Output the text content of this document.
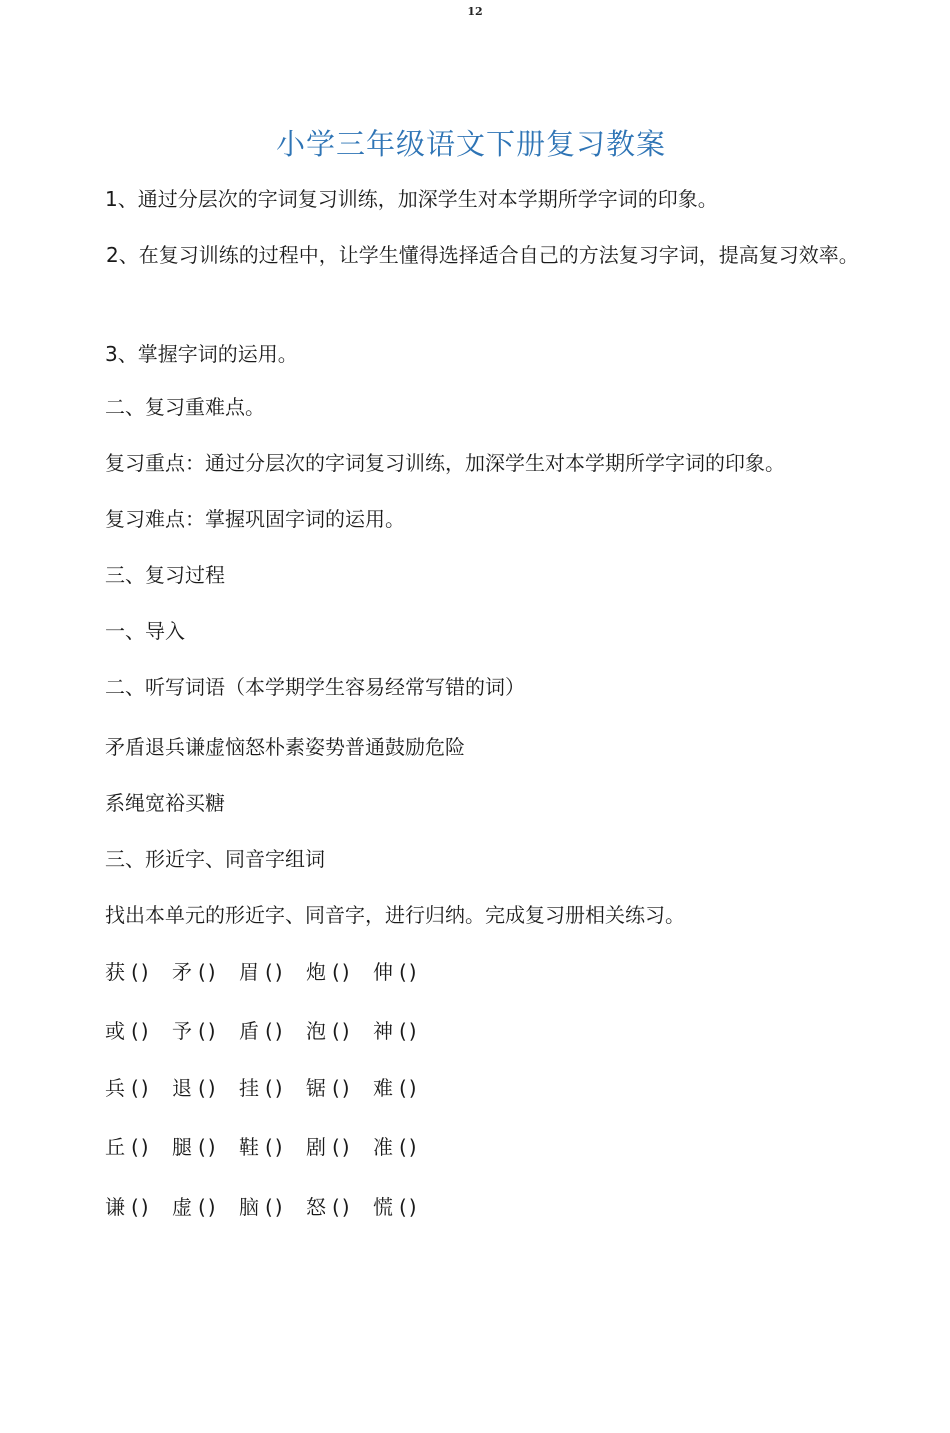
12
小学三年级语文下册复习教案
1、通过分层次的字词复习训练，加深学生对本学期所学字词的印象。
2、在复习训练的过程中，让学生懂得选择适合自己的方法复习字词，提高复习效率。
3、掌握字词的运用。
二、复习重难点。
复习重点：通过分层次的字词复习训练，加深学生对本学期所学字词的印象。
复习难点：掌握巩固字词的运用。
三、复习过程
一、导入
二、听写词语（本学期学生容易经常写错的词）
矛盾退兵谦虚恼怒朴素姿势普通鼓励危险
系绳宽裕买糖
三、形近字、同音字组词
找出本单元的形近字、同音字，进行归纳。完成复习册相关练习。
获 () 矛 () 眉 () 炮 () 伸 ()
或 () 予 () 盾 () 泡 () 神 ()
兵 () 退 () 挂 () 锯 () 难 ()
丘 () 腿 () 鞋 () 剧 () 准 ()
谦 () 虚 () 脑 () 怒 () 慌 ()
